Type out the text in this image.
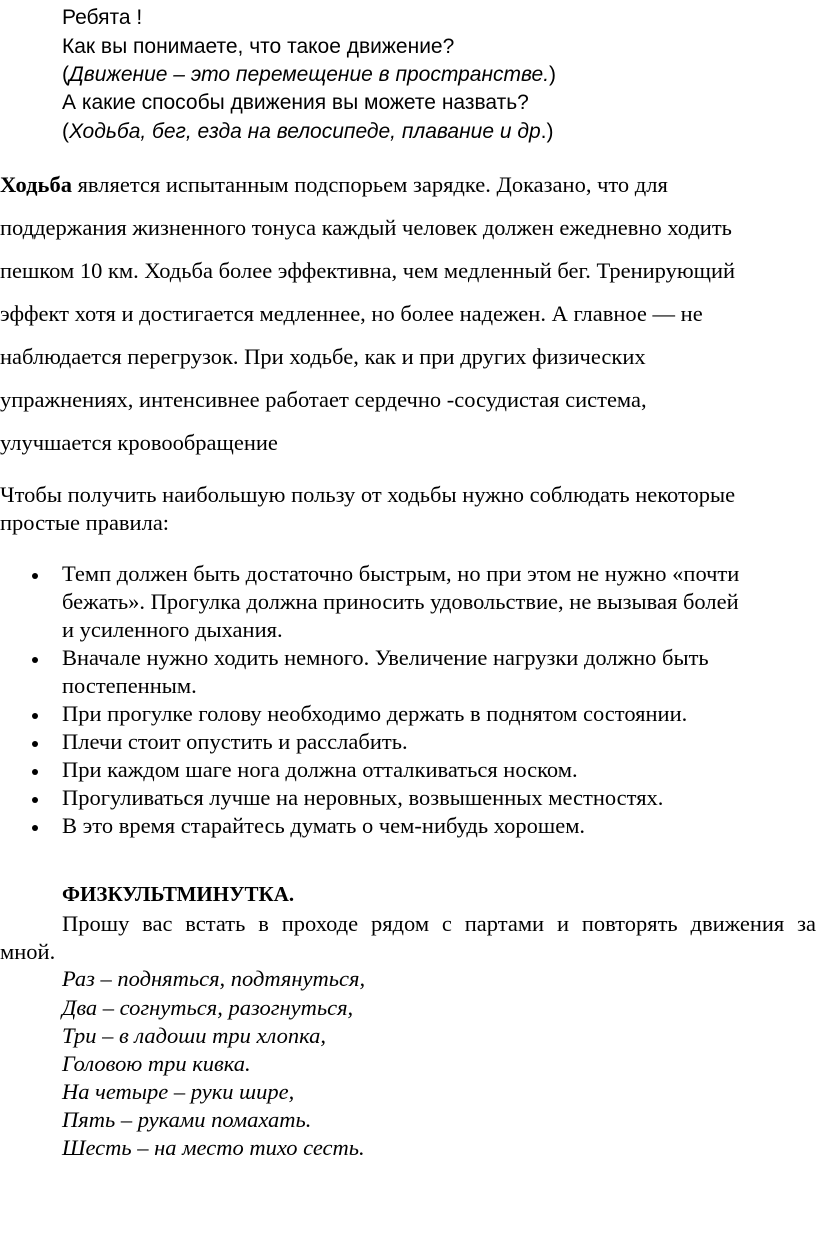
Ребята !
Как вы понимаете, что такое движение?
(Движение – это перемещение в пространстве.)
А какие способы движения вы можете назвать?
(Ходьба, бег, езда на велосипеде, плавание и др.)
Ходьба является испытанным подспорьем зарядке. Доказано, что для
поддержания жизненного тонуса каждый человек должен ежедневно ходить
пешком 10 км. Ходьба более эффективна, чем медленный бег. Тренирующий
эффект хотя и достигается медленнее, но более надежен. А главное — не
наблюдается перегрузок. При ходьбе, как и при других физических
упражнениях, интенсивнее работает сердечно -сосудистая система,
улучшается кровообращение
Чтобы получить наибольшую пользу от ходьбы нужно соблюдать некоторые
простые правила:
Темп должен быть достаточно быстрым, но при этом не нужно «почти
бежать». Прогулка должна приносить удовольствие, не вызывая болей
и усиленного дыхания.
Вначале нужно ходить немного. Увеличение нагрузки должно быть
постепенным.
При прогулке голову необходимо держать в поднятом состоянии.
Плечи стоит опустить и расслабить.
При каждом шаге нога должна отталкиваться носком.
Прогуливаться лучше на неровных, возвышенных местностях.
В это время старайтесь думать о чем-нибудь хорошем.
ФИЗКУЛЬТМИНУТКА.
Прошу вас встать в проходе рядом с партами и повторять движения за
мной.
Раз – подняться, подтянуться,
Два – согнуться, разогнуться,
Три – в ладоши три хлопка,
Головою три кивка.
На четыре – руки шире,
Пять – руками помахать.
Шесть – на место тихо сесть.
